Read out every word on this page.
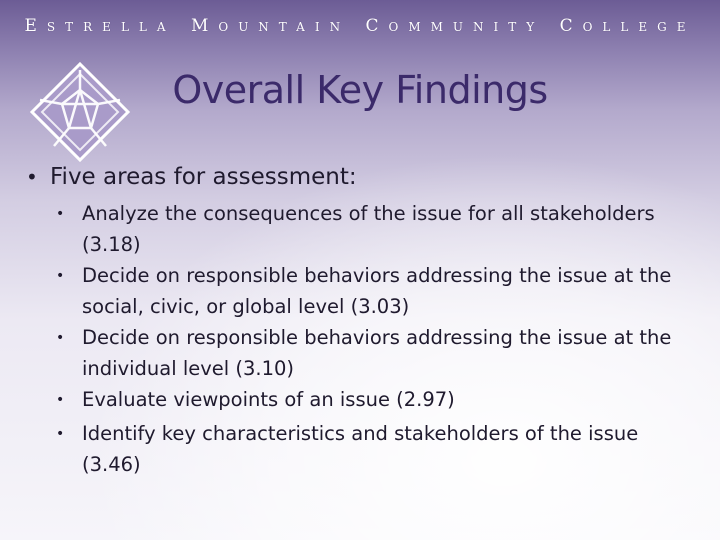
Estrella Mountain Community College
Overall Key Findings
• Five areas for assessment:
• Analyze the consequences of the issue for all stakeholders (3.18)
• Decide on responsible behaviors addressing the issue at the social, civic, or global level (3.03)
• Decide on responsible behaviors addressing the issue at the individual level (3.10)
• Evaluate viewpoints of an issue (2.97)
• Identify key characteristics and stakeholders of the issue (3.46)
